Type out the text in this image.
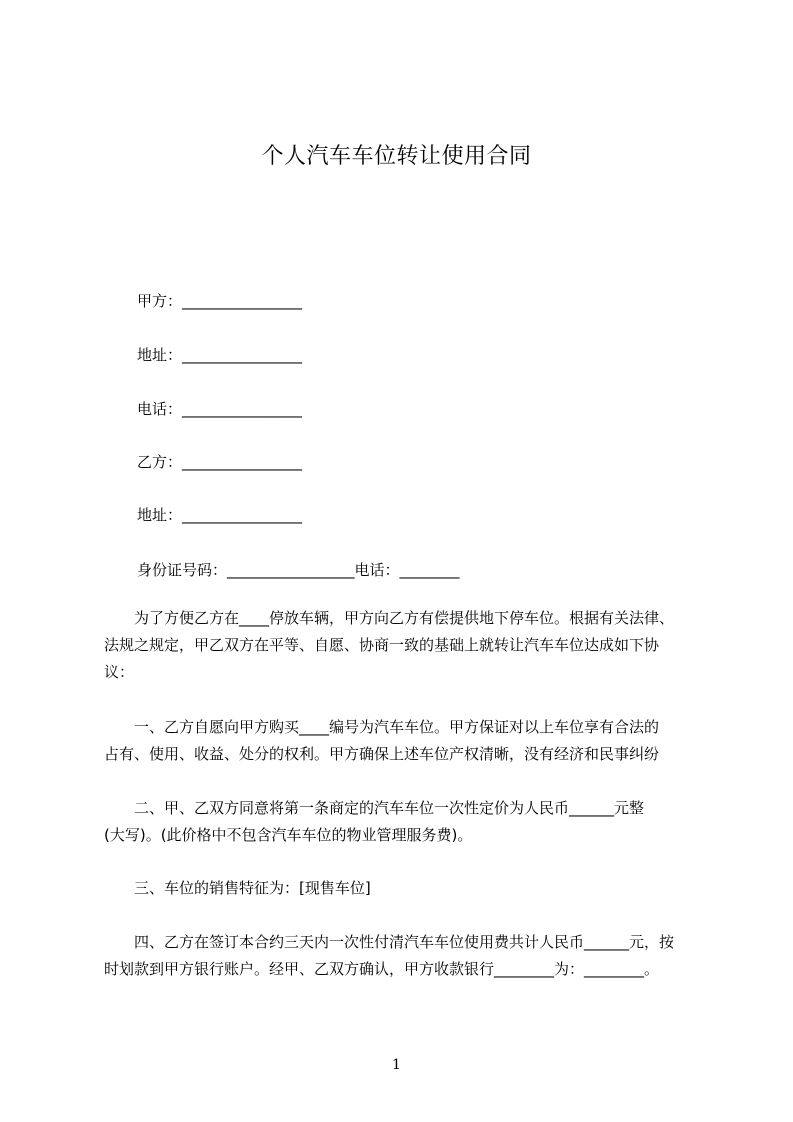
个人汽车车位转让使用合同
甲方：________________
地址：________________
电话：________________
乙方：________________
地址：________________
身份证号码：_________________电话：________
　为了方便乙方在____停放车辆，甲方向乙方有偿提供地下停车位。根据有关法律、
法规之规定，甲乙双方在平等、自愿、协商一致的基础上就转让汽车车位达成如下协
议：
　一、乙方自愿向甲方购买____编号为汽车车位。甲方保证对以上车位享有合法的
占有、使用、收益、处分的权利。甲方确保上述车位产权清晰，没有经济和民事纠纷
　二、甲、乙双方同意将第一条商定的汽车车位一次性定价为人民币______元整
(大写)。(此价格中不包含汽车车位的物业管理服务费)。
　三、车位的销售特征为：[现售车位]
　四、乙方在签订本合约三天内一次性付清汽车车位使用费共计人民币______元，按
时划款到甲方银行账户。经甲、乙双方确认，甲方收款银行________为：________。
1
